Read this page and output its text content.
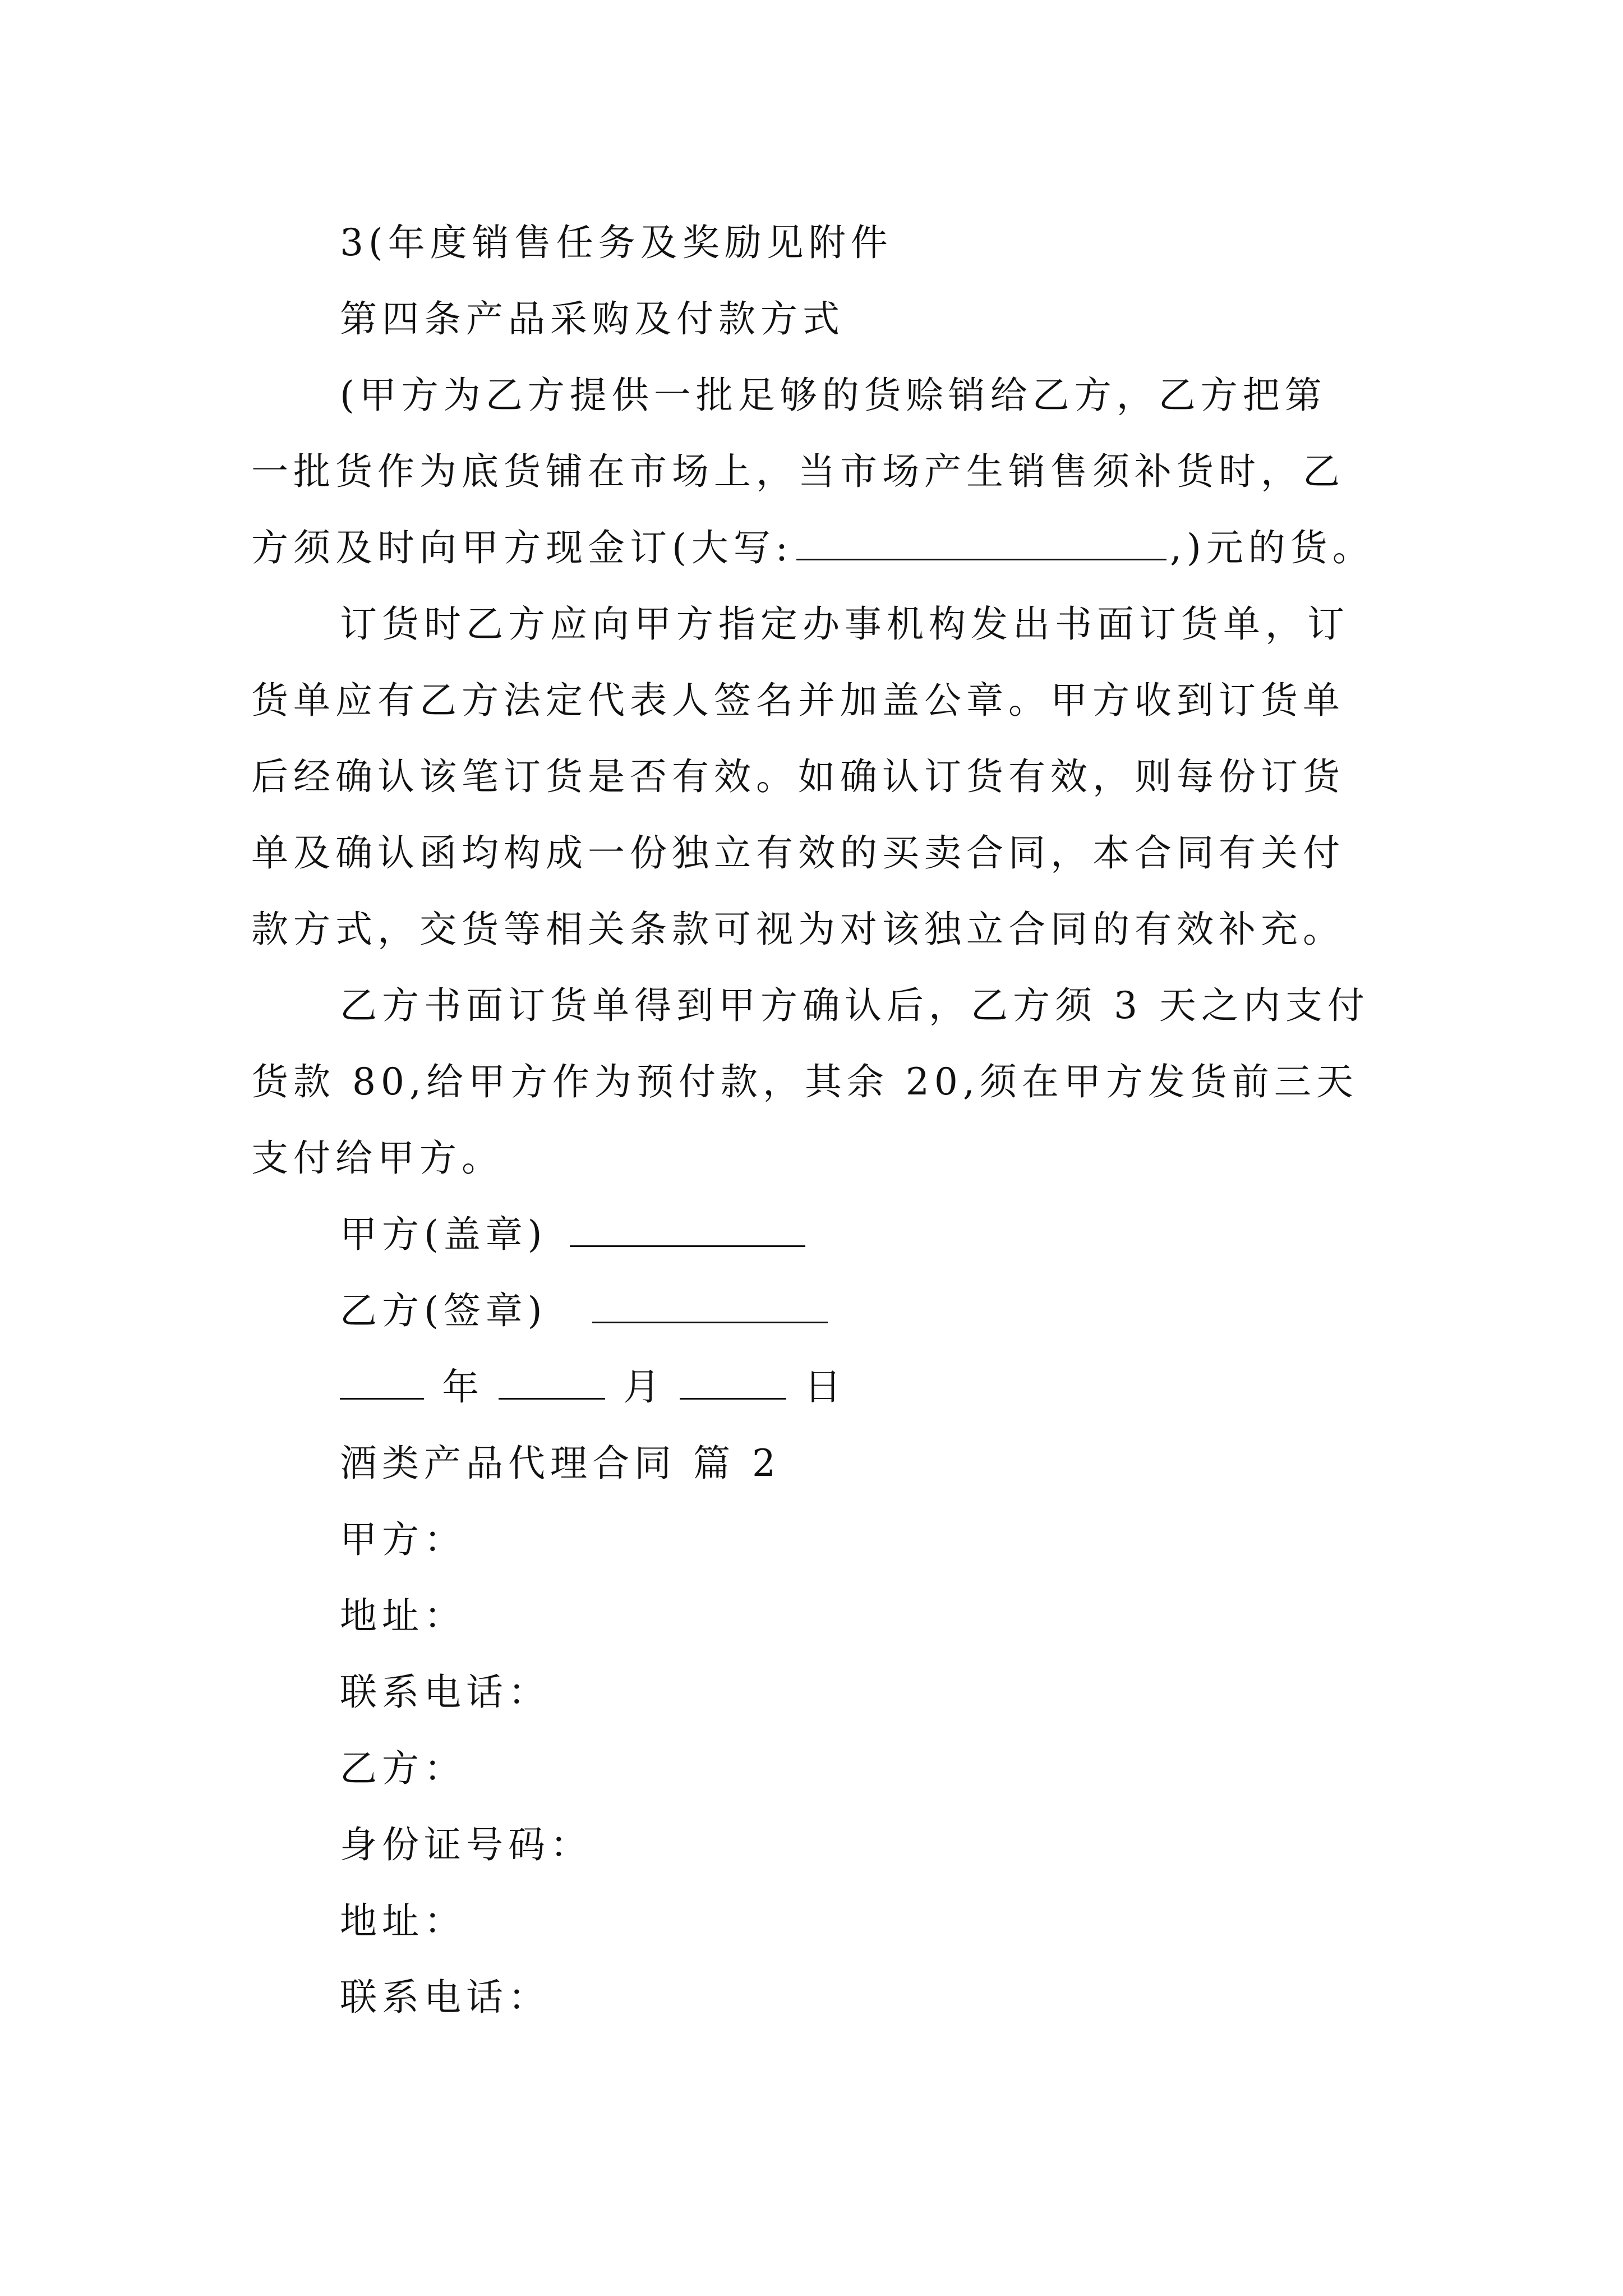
3(年度销售任务及奖励见附件
第四条产品采购及付款方式
(甲方为乙方提供一批足够的货赊销给乙方，乙方把第
一批货作为底货铺在市场上，当市场产生销售须补货时，乙
方须及时向甲方现金订(大写:	,)元的货。
订货时乙方应向甲方指定办事机构发出书面订货单，订
货单应有乙方法定代表人签名并加盖公章。甲方收到订货单
后经确认该笔订货是否有效。如确认订货有效，则每份订货
单及确认函均构成一份独立有效的买卖合同，本合同有关付
款方式，交货等相关条款可视为对该独立合同的有效补充。
乙方书面订货单得到甲方确认后，乙方须 3 天之内支付
货款 80,给甲方作为预付款，其余 20,须在甲方发货前三天
支付给甲方。
甲方(盖章)
乙方(签章)
年	月	日
酒类产品代理合同 篇 2
甲方：
地址：
联系电话：
乙方：
身份证号码：
地址：
联系电话：
